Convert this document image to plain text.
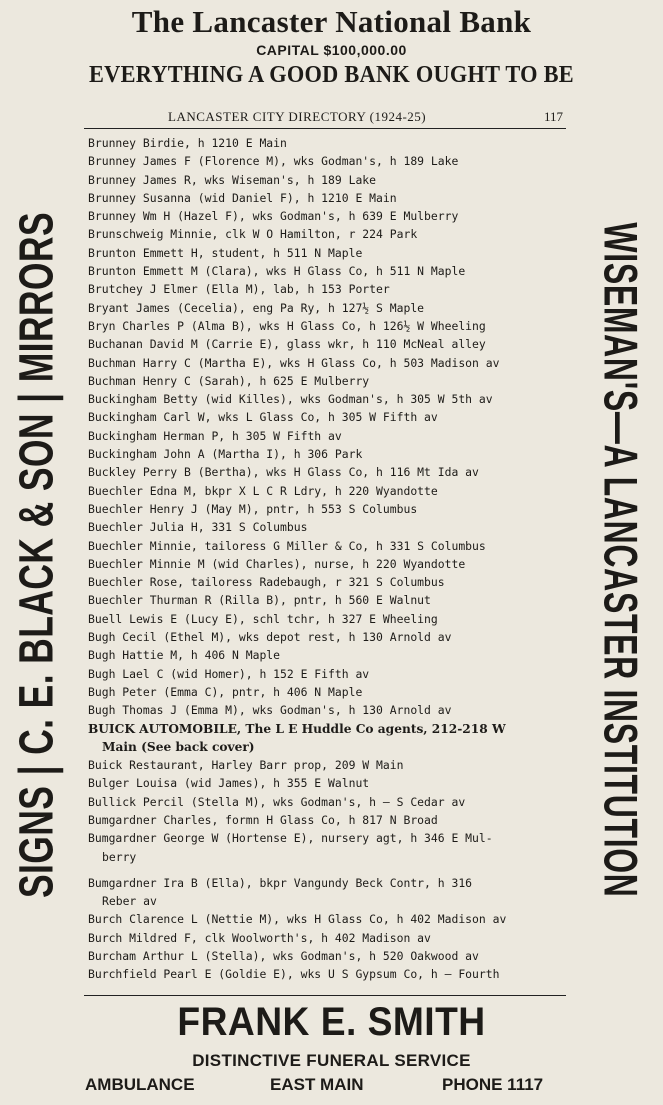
The Lancaster National Bank
CAPITAL $100,000.00
EVERYTHING A GOOD BANK OUGHT TO BE
LANCASTER CITY DIRECTORY (1924-25)	117
SIGNS | C. E. BLACK & SON | MIRRORS	WISEMAN'S—A LANCASTER INSTITUTION
Brunney Birdie, h 1210 E Main
Brunney James F (Florence M), wks Godman's, h 189 Lake
Brunney James R, wks Wiseman's, h 189 Lake
Brunney Susanna (wid Daniel F), h 1210 E Main
Brunney Wm H (Hazel F), wks Godman's, h 639 E Mulberry
Brunschweig Minnie, clk W O Hamilton, r 224 Park
Brunton Emmett H, student, h 511 N Maple
Brunton Emmett M (Clara), wks H Glass Co, h 511 N Maple
Brutchey J Elmer (Ella M), lab, h 153 Porter
Bryant James (Cecelia), eng Pa Ry, h 127½ S Maple
Bryn Charles P (Alma B), wks H Glass Co, h 126½ W Wheeling
Buchanan David M (Carrie E), glass wkr, h 110 McNeal alley
Buchman Harry C (Martha E), wks H Glass Co, h 503 Madison av
Buchman Henry C (Sarah), h 625 E Mulberry
Buckingham Betty (wid Killes), wks Godman's, h 305 W 5th av
Buckingham Carl W, wks L Glass Co, h 305 W Fifth av
Buckingham Herman P, h 305 W Fifth av
Buckingham John A (Martha I), h 306 Park
Buckley Perry B (Bertha), wks H Glass Co, h 116 Mt Ida av
Buechler Edna M, bkpr X L C R Ldry, h 220 Wyandotte
Buechler Henry J (May M), pntr, h 553 S Columbus
Buechler Julia H, 331 S Columbus
Buechler Minnie, tailoress G Miller & Co, h 331 S Columbus
Buechler Minnie M (wid Charles), nurse, h 220 Wyandotte
Buechler Rose, tailoress Radebaugh, r 321 S Columbus
Buechler Thurman R (Rilla B), pntr, h 560 E Walnut
Buell Lewis E (Lucy E), schl tchr, h 327 E Wheeling
Bugh Cecil (Ethel M), wks depot rest, h 130 Arnold av
Bugh Hattie M, h 406 N Maple
Bugh Lael C (wid Homer), h 152 E Fifth av
Bugh Peter (Emma C), pntr, h 406 N Maple
Bugh Thomas J (Emma M), wks Godman's, h 130 Arnold av
BUICK AUTOMOBILE, The L E Huddle Co agents, 212-218 W
Main (See back cover)
Buick Restaurant, Harley Barr prop, 209 W Main
Bulger Louisa (wid James), h 355 E Walnut
Bullick Percil (Stella M), wks Godman's, h — S Cedar av
Bumgardner Charles, formn H Glass Co, h 817 N Broad
Bumgardner George W (Hortense E), nursery agt, h 346 E Mul-
berry
Bumgardner Ira B (Ella), bkpr Vangundy Beck Contr, h 316
Reber av
Burch Clarence L (Nettie M), wks H Glass Co, h 402 Madison av
Burch Mildred F, clk Woolworth's, h 402 Madison av
Burcham Arthur L (Stella), wks Godman's, h 520 Oakwood av
Burchfield Pearl E (Goldie E), wks U S Gypsum Co, h — Fourth
FRANK E. SMITH
DISTINCTIVE FUNERAL SERVICE
AMBULANCE	EAST MAIN	PHONE 1117
